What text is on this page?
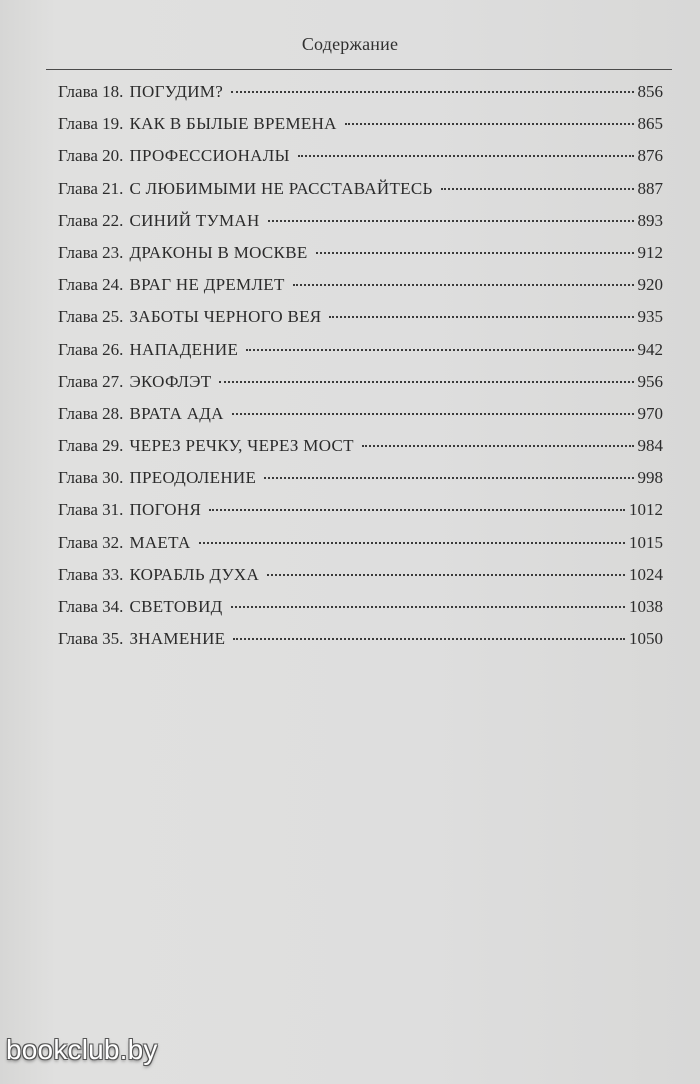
Содержание
Глава 18. ПОГУДИМ?	856
Глава 19. КАК В БЫЛЫЕ ВРЕМЕНА	865
Глава 20. ПРОФЕССИОНАЛЫ	876
Глава 21. С ЛЮБИМЫМИ НЕ РАССТАВАЙТЕСЬ	887
Глава 22. СИНИЙ ТУМАН	893
Глава 23. ДРАКОНЫ В МОСКВЕ	912
Глава 24. ВРАГ НЕ ДРЕМЛЕТ	920
Глава 25. ЗАБОТЫ ЧЕРНОГО ВЕЯ	935
Глава 26. НАПАДЕНИЕ	942
Глава 27. ЭКОФЛЭТ	956
Глава 28. ВРАТА АДА	970
Глава 29. ЧЕРЕЗ РЕЧКУ, ЧЕРЕЗ МОСТ	984
Глава 30. ПРЕОДОЛЕНИЕ	998
Глава 31. ПОГОНЯ	1012
Глава 32. МАЕТА	1015
Глава 33. КОРАБЛЬ ДУХА	1024
Глава 34. СВЕТОВИД	1038
Глава 35. ЗНАМЕНИЕ	1050
bookclub.by
